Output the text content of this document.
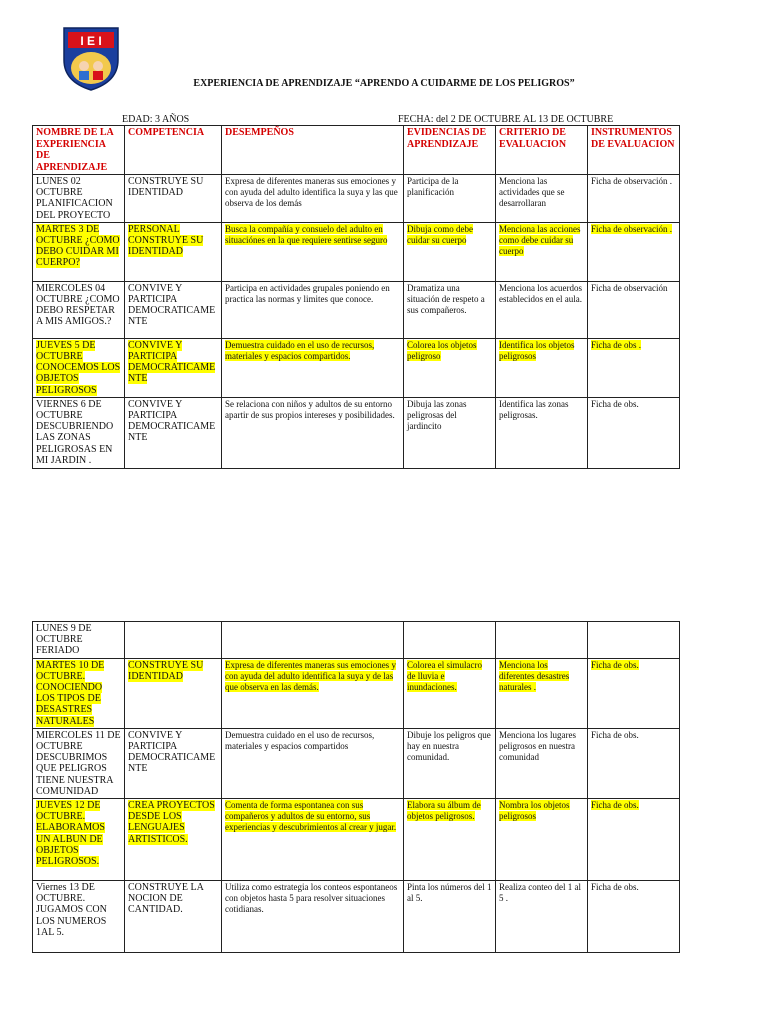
I E I
EXPERIENCIA DE APRENDIZAJE “APRENDO A CUIDARME DE LOS PELIGROS”
EDAD: 3 AÑOS	FECHA: del 2 DE OCTUBRE AL 13 DE OCTUBRE
NOMBRE DE LA EXPERIENCIA DE APRENDIZAJE	COMPETENCIA	DESEMPEÑOS	EVIDENCIAS DE APRENDIZAJE	CRITERIO DE EVALUACION	INSTRUMENTOS DE EVALUACION
LUNES 02 OCTUBRE PLANIFICACION DEL PROYECTO	CONSTRUYE SU IDENTIDAD	Expresa de diferentes maneras sus emociones y con ayuda del adulto identifica la suya y las que observa de los demás	Participa de la planificación	Menciona las actividades que se desarrollaran	Ficha de observación .
MARTES 3 DE OCTUBRE ¿COMO DEBO CUIDAR MI CUERPO?	PERSONAL CONSTRUYE SU IDENTIDAD	Busca la compañía y consuelo del adulto en situaciónes en la que requiere sentirse seguro	Dibuja como debe cuidar su cuerpo	Menciona las acciones como debe cuidar su cuerpo	Ficha de observación .
MIERCOLES 04 OCTUBRE ¿COMO DEBO RESPETAR A MIS AMIGOS.?	CONVIVE Y PARTICIPA DEMOCRATICAME NTE	Participa en actividades grupales poniendo en practica las normas y limites que conoce.	Dramatiza una situación de respeto a sus compañeros.	Menciona los acuerdos establecidos en el aula.	Ficha de observación
JUEVES 5 DE OCTUBRE CONOCEMOS LOS OBJETOS PELIGROSOS	CONVIVE Y PARTICIPA DEMOCRATICAME NTE	Demuestra cuidado en el uso de recursos, materiales y espacios compartidos.	Colorea los objetos peligroso	Identifica los objetos peligrosos	Ficha de obs .
VIERNES 6 DE OCTUBRE DESCUBRIENDO LAS ZONAS PELIGROSAS EN MI JARDIN .	CONVIVE Y PARTICIPA DEMOCRATICAME NTE	Se relaciona con niños y adultos de su entorno apartir de sus propios intereses y posibilidades.	Dibuja las zonas peligrosas del jardincito	Identifica las zonas peligrosas.	Ficha de obs.
LUNES 9 DE OCTUBRE FERIADO					
MARTES 10 DE OCTUBRE. CONOCIENDO LOS TIPOS DE DESASTRES NATURALES	CONSTRUYE SU IDENTIDAD	Expresa de diferentes maneras sus emociones y con ayuda del adulto identifica la suya y de las que observa en las demás.	Colorea el simulacro de lluvia e inundaciones.	Menciona los diferentes desastres naturales .	Ficha de obs.
MIERCOLES 11 DE OCTUBRE DESCUBRIMOS QUE PELIGROS TIENE NUESTRA COMUNIDAD	CONVIVE Y PARTICIPA DEMOCRATICAME NTE	Demuestra cuidado en el uso de recursos, materiales y espacios compartidos	Dibuje los peligros que hay en nuestra comunidad.	Menciona los lugares peligrosos en nuestra comunidad	Ficha de obs.
JUEVES 12 DE OCTUBRE. ELABORAMOS UN ALBUN DE OBJETOS PELIGROSOS.	CREA PROYECTOS DESDE LOS LENGUAJES ARTISTICOS.	Comenta de forma espontanea con sus compañeros y adultos de su entorno, sus experiencias y descubrimientos al crear y jugar.	Elabora su álbum de objetos peligrosos.	Nombra los objetos peligrosos	Ficha de obs.
Viernes 13 DE OCTUBRE. JUGAMOS CON LOS NUMEROS 1AL 5.	CONSTRUYE LA NOCION DE CANTIDAD.	Utiliza como estrategia los conteos espontaneos con objetos hasta 5 para resolver situaciones cotidianas.	Pinta los números del 1 al 5.	Realiza conteo del 1 al 5 .	Ficha de obs.
